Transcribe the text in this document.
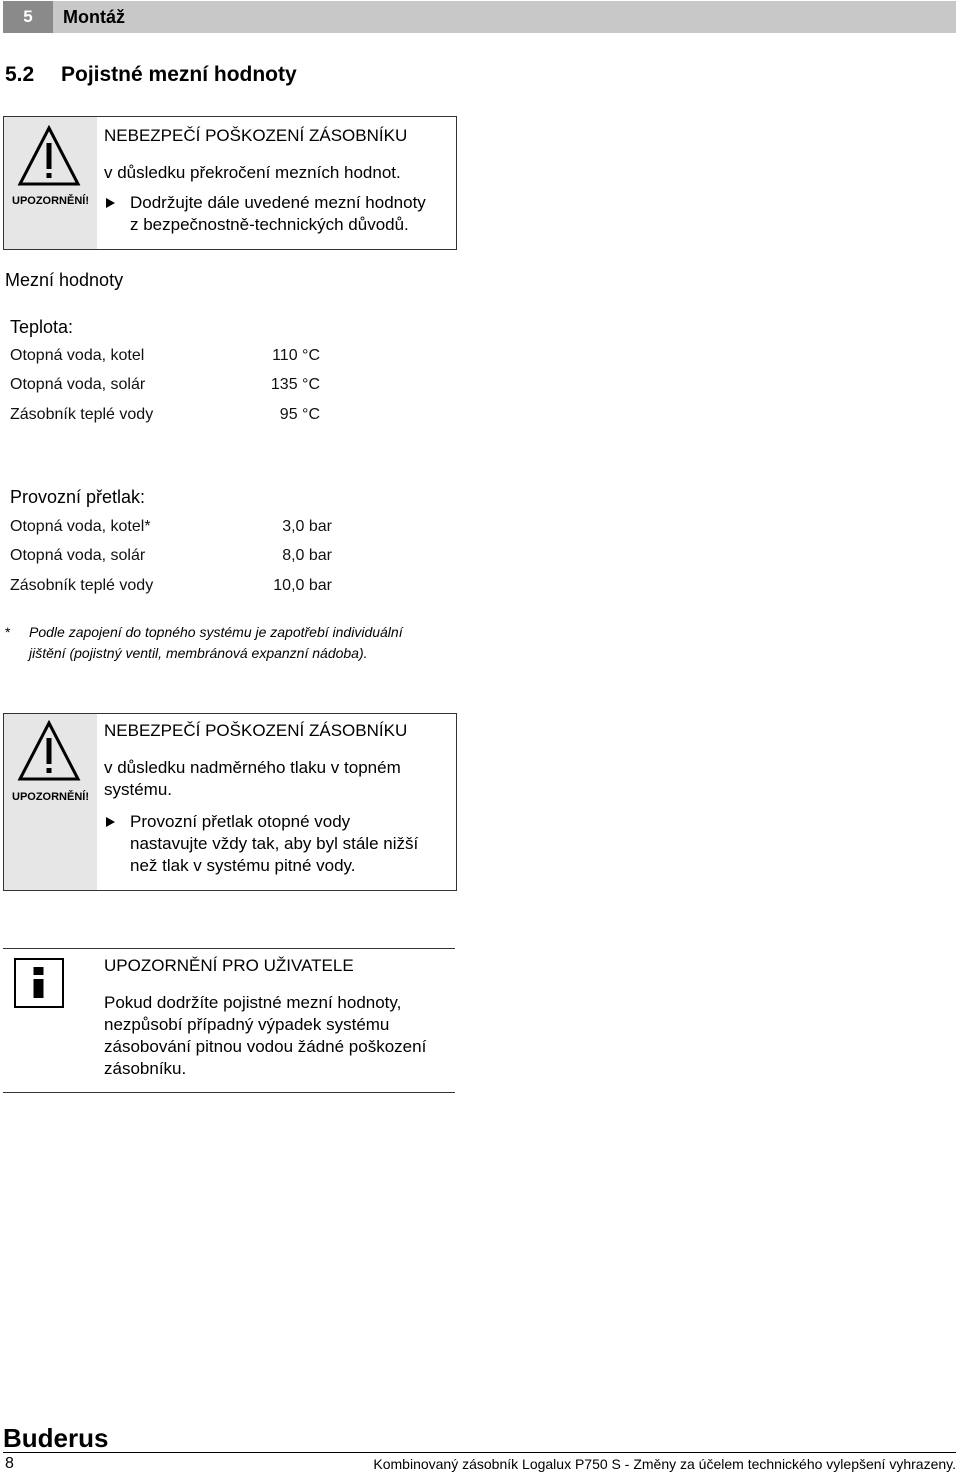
5	Montáž
5.2 Pojistné mezní hodnoty
UPOZORNĚNÍ!
NEBEZPEČÍ POŠKOZENÍ ZÁSOBNÍKU
v důsledku překročení mezních hodnot.
Dodržujte dále uvedené mezní hodnoty
z bezpečnostně-technických důvodů.
Mezní hodnoty
Teplota:
Otopná voda, kotel	110 °C
Otopná voda, solár	135 °C
Zásobník teplé vody	95 °C
Provozní přetlak:
Otopná voda, kotel*	3,0 bar
Otopná voda, solár	8,0 bar
Zásobník teplé vody	10,0 bar
* Podle zapojení do topného systému je zapotřebí individuální
jištění (pojistný ventil, membránová expanzní nádoba).
UPOZORNĚNÍ!
NEBEZPEČÍ POŠKOZENÍ ZÁSOBNÍKU
v důsledku nadměrného tlaku v topném
systému.
Provozní přetlak otopné vody
nastavujte vždy tak, aby byl stále nižší
než tlak v systému pitné vody.
UPOZORNĚNÍ PRO UŽIVATELE
Pokud dodržíte pojistné mezní hodnoty,
nezpůsobí případný výpadek systému
zásobování pitnou vodou žádné poškození
zásobníku.
Buderus
8	Kombinovaný zásobník Logalux P750 S - Změny za účelem technického vylepšení vyhrazeny.
